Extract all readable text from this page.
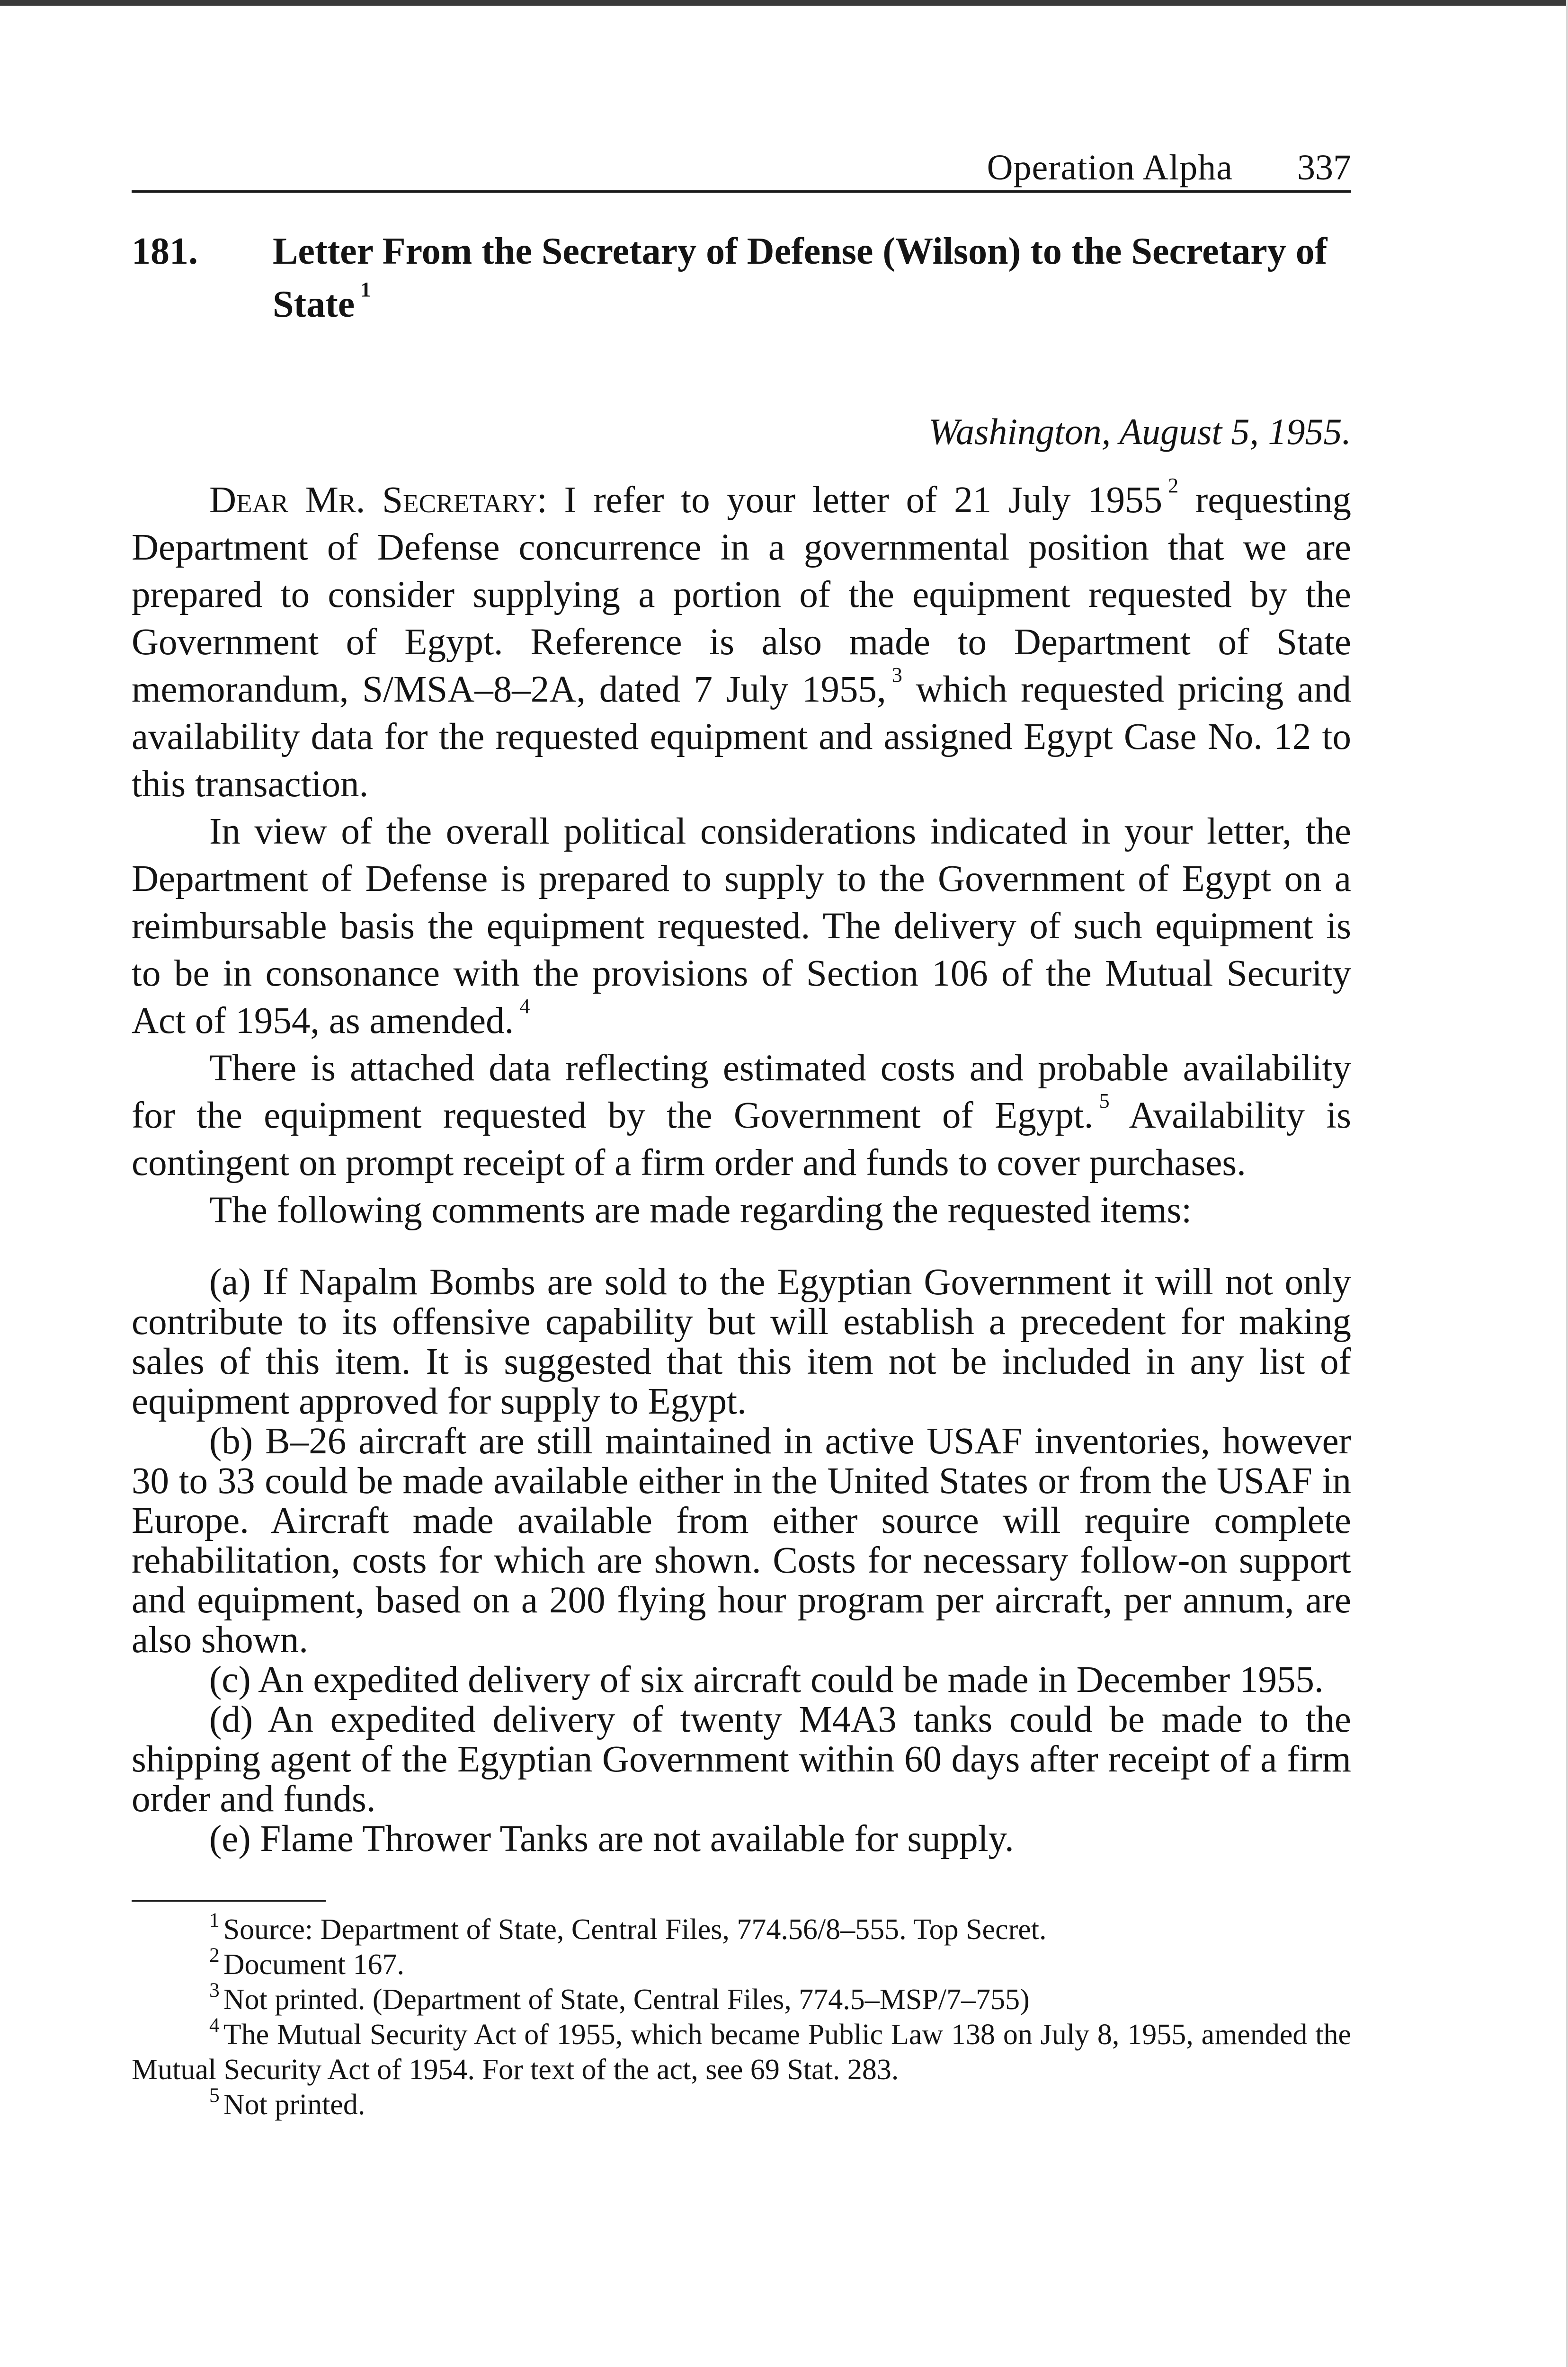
Operation Alpha 337
181.	Letter From the Secretary of Defense (Wilson) to the Secretary of State $^1$
Washington, August 5, 1955.

Dear Mr. Secretary: I refer to your letter of 21 July 1955 $^2$ requesting Department of Defense concurrence in a governmental position that we are prepared to consider supplying a portion of the equipment requested by the Government of Egypt. Reference is also made to Department of State memorandum, S/MSA–8–2A, dated 7 July 1955, $^3$ which requested pricing and availability data for the requested equipment and assigned Egypt Case No. 12 to this transaction.

In view of the overall political considerations indicated in your letter, the Department of Defense is prepared to supply to the Government of Egypt on a reimbursable basis the equipment requested. The delivery of such equipment is to be in consonance with the provisions of Section 106 of the Mutual Security Act of 1954, as amended. $^4$

There is attached data reflecting estimated costs and probable availability for the equipment requested by the Government of Egypt. $^5$ Availability is contingent on prompt receipt of a firm order and funds to cover purchases.

The following comments are made regarding the requested items:

(a) If Napalm Bombs are sold to the Egyptian Government it will not only contribute to its offensive capability but will establish a precedent for making sales of this item. It is suggested that this item not be included in any list of equipment approved for supply to Egypt.

(b) B–26 aircraft are still maintained in active USAF inventories, however 30 to 33 could be made available either in the United States or from the USAF in Europe. Aircraft made available from either source will require complete rehabilitation, costs for which are shown. Costs for necessary follow-on support and equipment, based on a 200 flying hour program per aircraft, per annum, are also shown.

(c) An expedited delivery of six aircraft could be made in December 1955.

(d) An expedited delivery of twenty M4A3 tanks could be made to the shipping agent of the Egyptian Government within 60 days after receipt of a firm order and funds.

(e) Flame Thrower Tanks are not available for supply.

$^1$ Source: Department of State, Central Files, 774.56/8–555. Top Secret.

$^2$ Document 167.

$^3$ Not printed. (Department of State, Central Files, 774.5–MSP/7–755)

$^4$ The Mutual Security Act of 1955, which became Public Law 138 on July 8, 1955, amended the Mutual Security Act of 1954. For text of the act, see 69 Stat. 283.

$^5$ Not printed.
